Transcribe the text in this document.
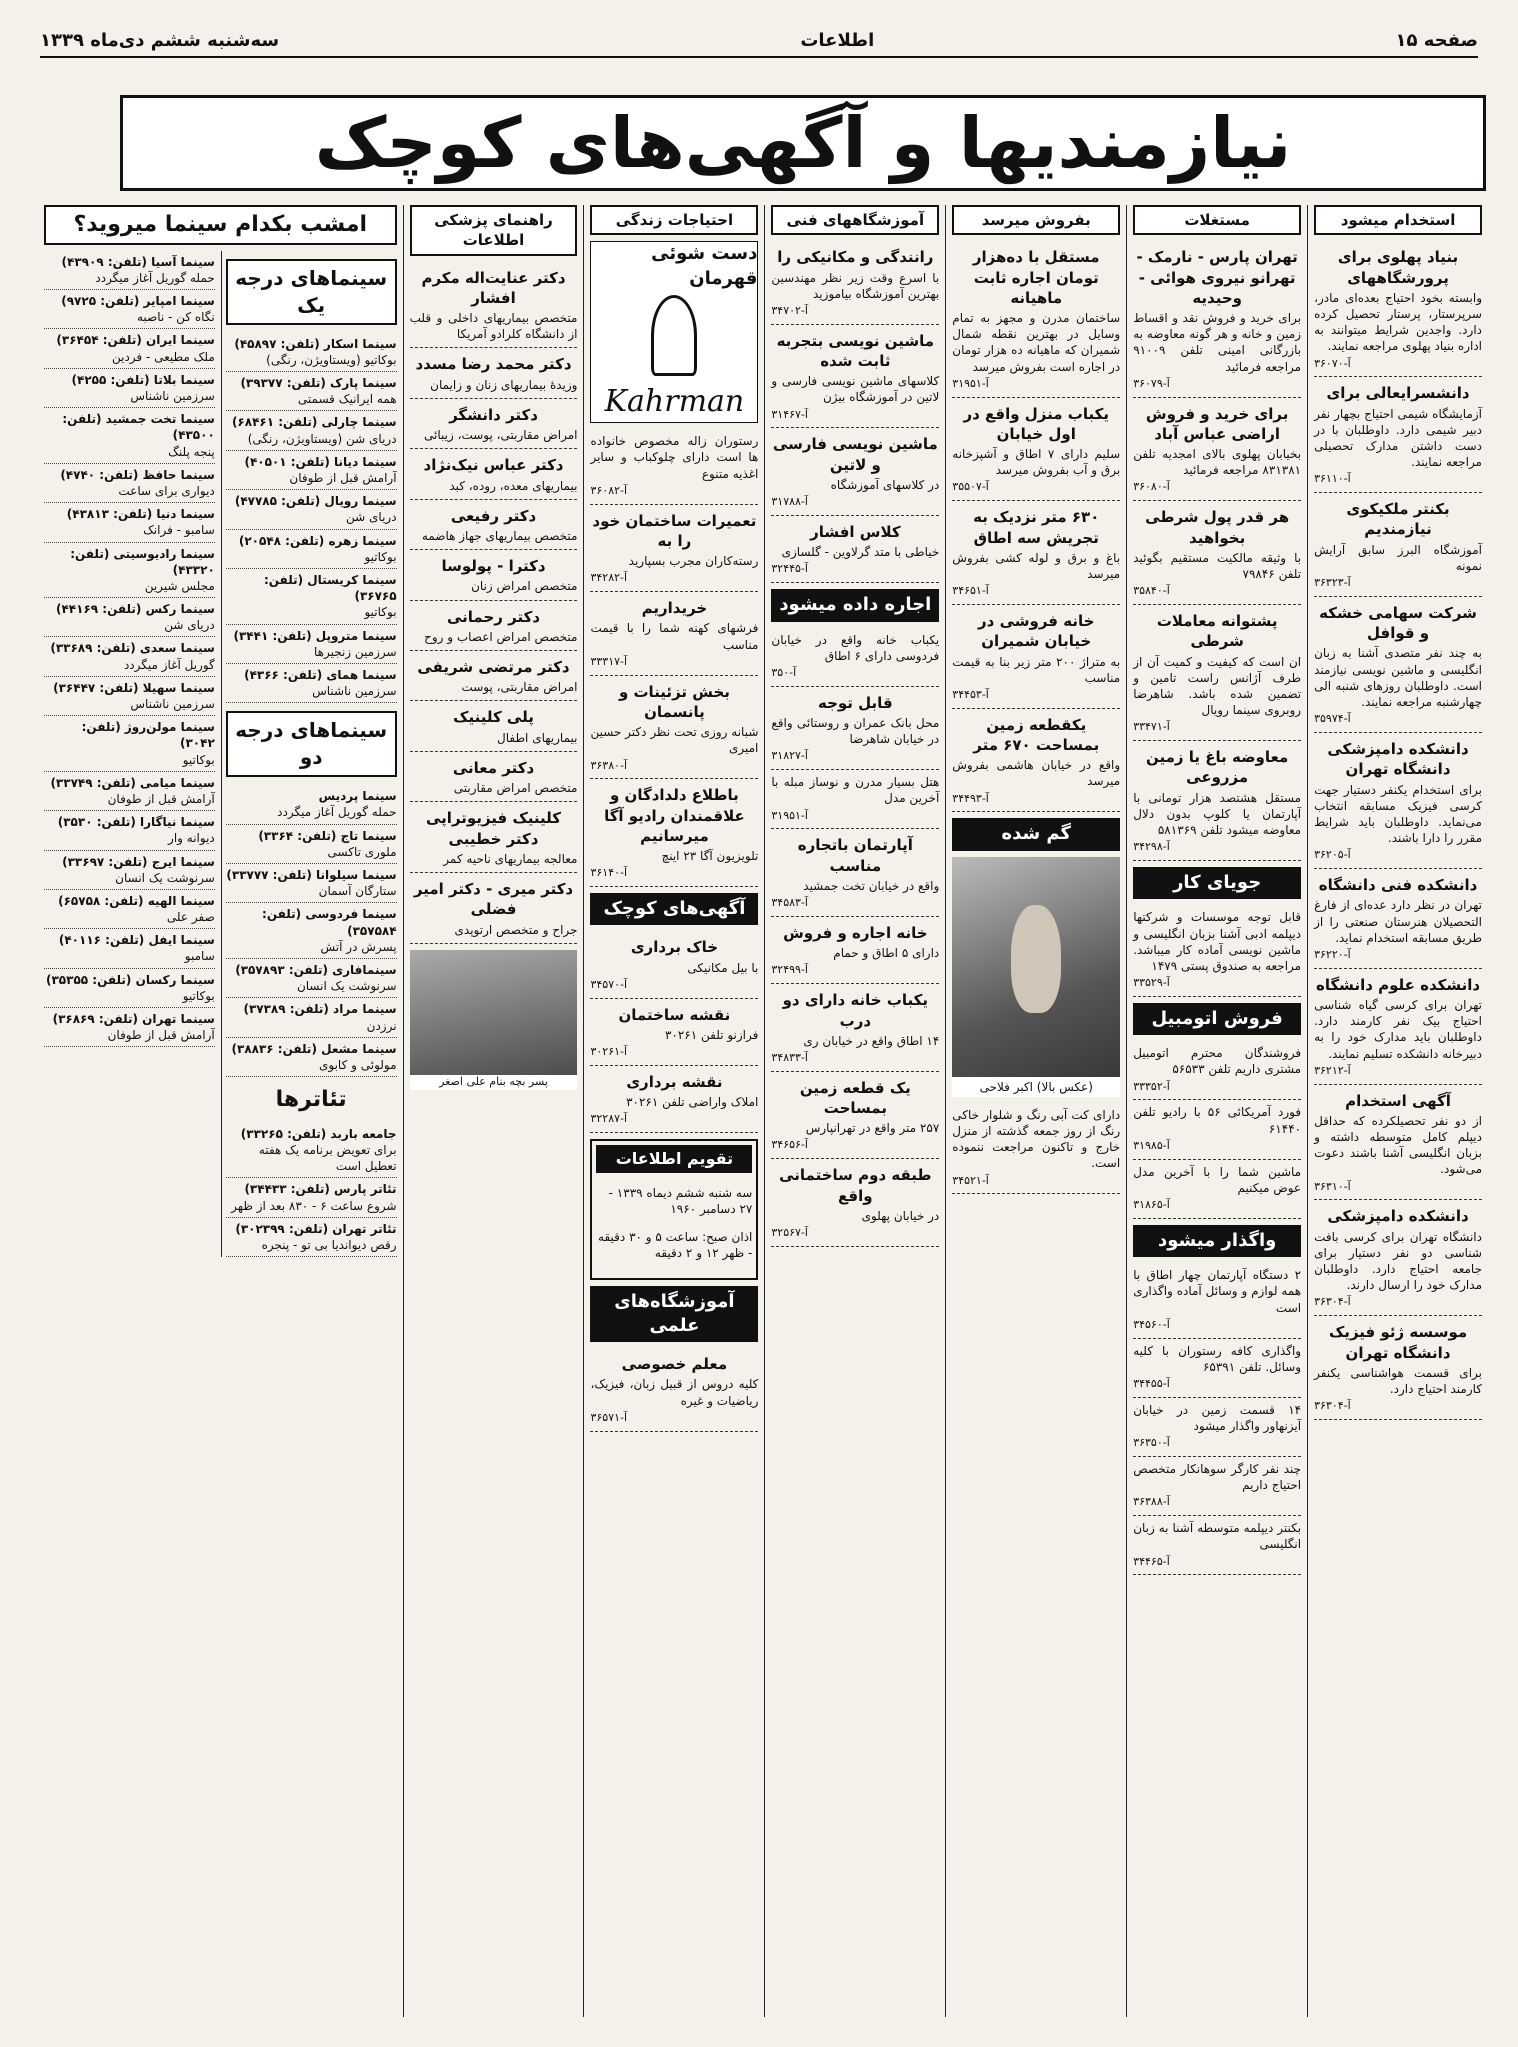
صفحه ۱۵
اطلاعات
سه‌شنبه ششم دی‌ماه ۱۳۳۹
نیازمندیها و آگهی‌های کوچک
استخدام میشود
بنیاد پهلوی برای پرورشگاههای

وابسته بخود احتیاج بعده‌ای مادر، سرپرستار، پرستار تحصیل کرده دارد. واجدین شرایط میتوانند به اداره بنیاد پهلوی مراجعه نمایند.

آ-۳۶۰۷۰
دانشسرایعالی برای

آزمایشگاه شیمی احتیاج بچهار نفر دبیر شیمی دارد. داوطلبان با در دست داشتن مدارک تحصیلی مراجعه نمایند.

آ-۳۶۱۱۰
بکنتر ملکیکوی نیازمندیم

آموزشگاه البرز سابق آرایش نمونه

آ-۳۶۳۲۳
شرکت سهامی خشکه و قوافل

به چند نفر متصدی آشنا به زبان انگلیسی و ماشین نویسی نیازمند است. داوطلبان روزهای شنبه الی چهارشنبه مراجعه نمایند.

آ-۳۵۹۷۴
دانشکده دامپزشکی دانشگاه تهران

برای استخدام یکنفر دستیار جهت کرسی فیزیک مسابقه انتخاب می‌نماید. داوطلبان باید شرایط مقرر را دارا باشند.

آ-۳۶۲۰۵
دانشکده فنی دانشگاه

تهران در نظر دارد عده‌ای از فارغ التحصیلان هنرستان صنعتی را از طریق مسابقه استخدام نماید.

آ-۳۶۲۲۰
دانشکده علوم دانشگاه

تهران برای کرسی گیاه شناسی احتیاج بیک نفر کارمند دارد. داوطلبان باید مدارک خود را به دبیرخانه دانشکده تسلیم نمایند.

آ-۳۶۲۱۲
آگهی استخدام

از دو نفر تحصیلکرده که حداقل دیپلم کامل متوسطه داشته و بزبان انگلیسی آشنا باشند دعوت می‌شود.

آ-۳۶۳۱۰
دانشکده دامپزشکی

دانشگاه تهران برای کرسی بافت شناسی دو نفر دستیار برای جامعه احتیاج دارد. داوطلبان مدارک خود را ارسال دارند.

آ-۳۶۳۰۴
موسسه ژئو فیزیک دانشگاه تهران

برای قسمت هواشناسی یکنفر کارمند احتیاج دارد.

آ-۳۶۳۰۴
مستغلات
تهران پارس - نارمک - تهرانو نیروی هوائی - وحیدیه

برای خرید و فروش نقد و اقساط زمین و خانه و هر گونه معاوضه به بازرگانی امینی تلفن ۹۱۰۰۹ مراجعه فرمائید

آ-۳۶۰۷۹
برای خرید و فروش اراضی عباس آباد

بخیابان پهلوی بالای امجدیه تلفن ۸۳۱۳۸۱ مراجعه فرمائید

آ-۳۶۰۸۰
هر قدر پول شرطی بخواهید

با وثیقه مالکیت مستقیم بگوئید تلفن ۷۹۸۴۶

آ-۳۵۸۴۰
پشتوانه معاملات شرطی

ان است که کیفیت و کمیت آن از طرف آژانس راست تامین و تضمین شده باشد. شاهرضا روبروی سینما رویال

آ-۳۳۴۷۱
معاوضه باغ یا زمین مزروعی

مستقل هشتصد هزار تومانی با آپارتمان یا کلوپ بدون دلال معاوضه میشود تلفن ۵۸۱۳۶۹

آ-۳۴۲۹۸
جویای کار

قابل توجه موسسات و شرکتها دیپلمه ادبی آشنا بزبان انگلیسی و ماشین نویسی آماده کار میباشد. مراجعه به صندوق پستی ۱۴۷۹

آ-۳۳۵۲۹
فروش اتومبیل

فروشندگان محترم اتومبیل مشتری داریم تلفن ۵۶۵۳۳

آ-۳۳۳۵۲

فورد آمریکائی ۵۶ با رادیو تلفن ۶۱۴۴۰

آ-۳۱۹۸۵

ماشین شما را با آخرین مدل عوض میکنیم

آ-۳۱۸۶۵
واگذار میشود

۲ دستگاه آپارتمان چهار اطاق با همه لوازم و وسائل آماده واگذاری است

آ-۳۴۵۶۰

واگذاری کافه رستوران با کلیه وسائل. تلفن ۶۵۳۹۱

آ-۳۴۴۵۵

۱۴ قسمت زمین در خیابان آیزنهاور واگذار میشود

آ-۳۶۳۵۰

چند نفر کارگر سوهانکار متخصص احتیاج داریم

آ-۳۶۳۸۸

بکنتر دیپلمه متوسطه آشنا به زبان انگلیسی

آ-۳۴۴۶۵
بفروش میرسد
مستقل با ده‌هزار تومان اجاره ثابت ماهیانه

ساختمان مدرن و مجهز به تمام وسایل در بهترین نقطه شمال شمیران که ماهیانه ده هزار تومان در اجاره است بفروش میرسد

آ-۳۱۹۵۱
یکباب منزل واقع در اول خیابان

سلیم دارای ۷ اطاق و آشپزخانه برق و آب بفروش میرسد

آ-۳۵۵۰۷
۶۳۰ متر نزدیک به تجریش سه اطاق

باغ و برق و لوله کشی بفروش میرسد

آ-۳۴۶۵۱
خانه فروشی در خیابان شمیران

به متراژ ۲۰۰ متر زیر بنا به قیمت مناسب

آ-۳۴۴۵۳
یکقطعه زمین بمساحت ۶۷۰ متر

واقع در خیابان هاشمی بفروش میرسد

آ-۳۴۴۹۳
گم شده
(عکس بالا) اکبر فلاحی

دارای کت آبی رنگ و شلوار خاکی رنگ از روز جمعه گذشته از منزل خارج و تاکنون مراجعت ننموده است.

آ-۳۴۵۲۱
آموزشگاههای فنی
رانندگی و مکانیکی را

با اسرع وقت زیر نظر مهندسین بهترین آموزشگاه بیاموزید

آ-۳۴۷۰۲
ماشین نویسی بتجربه ثابت شده

کلاسهای ماشین نویسی فارسی و لاتین در آموزشگاه بیژن

آ-۳۱۴۶۷
ماشین نویسی فارسی و لاتین

در کلاسهای آموزشگاه

آ-۳۱۷۸۸
کلاس افشار

خیاطی با متد گرلاوین - گلسازی

آ-۳۲۴۴۵
اجاره داده میشود

یکباب خانه واقع در خیابان فردوسی دارای ۶ اطاق

آ-۳۵۰
قابل توجه

محل بانک عمران و روستائی واقع در خیابان شاهرضا

آ-۳۱۸۲۷

هتل بسیار مدرن و نوساز مبله با آخرین مدل

آ-۳۱۹۵۱
آپارتمان باتجاره مناسب

واقع در خیابان تخت جمشید

آ-۳۴۵۸۳
خانه اجاره و فروش

دارای ۵ اطاق و حمام

آ-۳۲۴۹۹
یکباب خانه دارای دو درب

۱۴ اطاق واقع در خیابان ری

آ-۳۴۸۳۳
یک قطعه زمین بمساحت

۲۵۷ متر واقع در تهرانپارس

آ-۳۴۶۵۶
طبقه دوم ساختمانی واقع

در خیابان پهلوی

آ-۳۲۵۶۷
احتیاجات زندگی
دست شوئی قهرمان
Kahrman

رستوران زاله مخصوص خانواده ها است دارای چلوکباب و سایر اغذیه متنوع

آ-۳۶۰۸۲
تعمیرات ساختمان خود را به

رسته‌کاران مجرب بسپارید

آ-۳۴۲۸۲
خریداریم

فرشهای کهنه شما را با قیمت مناسب

آ-۳۳۳۱۷
بخش تزئینات و پانسمان

شبانه روزی تحت نظر دکتر حسین امیری

آ-۳۶۳۸۰
باطلاع دلدادگان و علاقمندان رادیو آگا میرسانیم

تلویزیون آگا ۲۳ اینچ

آ-۳۶۱۴۰
آگهی‌های کوچک
خاک برداری

با بیل مکانیکی

آ-۳۴۵۷۰
نقشه ساختمان

فرازنو تلفن ۳۰۲۶۱

آ-۳۰۲۶۱
نقشه برداری

املاک واراضی تلفن ۳۰۲۶۱

آ-۳۲۲۸۷
تقویم اطلاعات

سه شنبه ششم دیماه ۱۳۳۹ - ۲۷ دسامبر ۱۹۶۰

اذان صبح: ساعت ۵ و ۳۰ دقیقه - ظهر ۱۲ و ۲ دقیقه

آموزشگاه‌های علمی
معلم خصوصی

کلیه دروس از قبیل زبان، فیزیک، ریاضیات و غیره

آ-۳۶۵۷۱
راهنمای پزشکی اطلاعات
دکتر عنایت‌اله مکرم افشار

متخصص بیماریهای داخلی و قلب از دانشگاه کلرادو آمریکا

دکتر محمد رضا مسدد

وزیدهٔ بیماریهای زنان و زایمان

دکتر دانشگر

امراض مقاربتی، پوست، زیبائی

دکتر عباس نیک‌نژاد

بیماریهای معده، روده، کبد

دکتر رفیعی

متخصص بیماریهای جهاز هاضمه

دکترا - پولوسا

متخصص امراض زنان

دکتر رحمانی

متخصص امراض اعصاب و روح

دکتر مرتضی شریفی

امراض مقاربتی، پوست

پلی کلینیک

بیماریهای اطفال

دکتر معانی

متخصص امراض مقاربتی

کلینیک فیزیوتراپی دکتر خطیبی

معالجه بیماریهای ناحیه کمر

دکتر میری - دکتر امیر فضلی

جراح و متخصص ارتوپدی

پسر بچه بنام علی اصغر
امشب بکدام سینما میروید؟
سینماهای درجه یک
سینما اسکار (تلفن: ۴۵۸۹۷)
بوکاتیو (ویستاویژن، رنگی)
سینما پارک (تلفن: ۳۹۳۷۷)
همه ایرانیک قسمتی
سینما چارلی (تلفن: ۶۸۴۶۱)
دریای شن (ویستاویژن، رنگی)
سینما دیانا (تلفن: ۴۰۵۰۱)
آرامش قبل از طوفان
سینما رویال (تلفن: ۴۷۷۸۵)
دریای شن
سینما زهره (تلفن: ۲۰۵۴۸)
بوکاتیو
سینما کریستال (تلفن: ۳۶۷۶۵)
بوکاتیو
سینما متروپل (تلفن: ۳۴۴۱)
سرزمین زنجیرها
سینما همای (تلفن: ۴۳۶۶)
سرزمین ناشناس
سینماهای درجه دو
سینما پردیس
حمله گوریل آغاز میگردد
سینما تاج (تلفن: ۳۳۶۴)
ملوری تاکسی
سینما سیلوانا (تلفن: ۳۳۷۷۷)
ستارگان آسمان
سینما فردوسی (تلفن: ۳۵۷۵۸۴)
پسرش در آتش
سینمافاری (تلفن: ۳۵۷۸۹۳)
سرنوشت یک انسان
سینما مراد (تلفن: ۳۷۳۸۹)
نرزدن
سینما مشعل (تلفن: ۳۸۸۳۶)
مولوئی و کابوی
تئاترها
جامعه باربد (تلفن: ۳۳۲۶۵)
برای تعویض برنامه یک هفته تعطیل است
تئاتر پارس (تلفن: ۳۴۴۳۳)
شروع ساعت ۶ - ۸۳۰ بعد از ظهر
تئاتر تهران (تلفن: ۳۰۲۳۹۹)
رقص دیواندیا بی تو - پنجره
سینما آسیا (تلفن: ۴۳۹۰۹)
حمله گوریل آغاز میگردد
سینما امپایر (تلفن: ۹۷۲۵)
نگاه کن - ناصبه
سینما ایران (تلفن: ۳۶۴۵۴)
ملک مطیعی - فردین
سینما بلاتا (تلفن: ۴۲۵۵)
سرزمین ناشناس
سینما تخت جمشید (تلفن: ۴۳۵۰۰)
پنجه پلنگ
سینما حافظ (تلفن: ۴۷۴۰)
دیواری برای ساعت
سینما دنیا (تلفن: ۴۳۸۱۳)
سامبو - فرانک
سینما رادیوسیتی (تلفن: ۴۳۳۲۰)
مجلس شیرین
سینما رکس (تلفن: ۴۴۱۶۹)
دریای شن
سینما سعدی (تلفن: ۳۳۶۸۹)
گوریل آغاز میگردد
سینما سهیلا (تلفن: ۳۶۴۴۷)
سرزمین ناشناس
سینما مولن‌روژ (تلفن: ۳۰۴۲)
بوکاتیو
سینما میامی (تلفن: ۳۳۷۴۹)
آرامش قبل از طوفان
سینما نیاگارا (تلفن: ۳۵۳۰)
دیوانه وار
سینما ایرج (تلفن: ۳۳۶۹۷)
سرنوشت یک انسان
سینما الهیه (تلفن: ۶۵۷۵۸)
صفر علی
سینما ایفل (تلفن: ۴۰۱۱۶)
سامبو
سینما رکسان (تلفن: ۳۵۳۵۵)
بوکاتیو
سینما تهران (تلفن: ۳۶۸۶۹)
آرامش قبل از طوفان
